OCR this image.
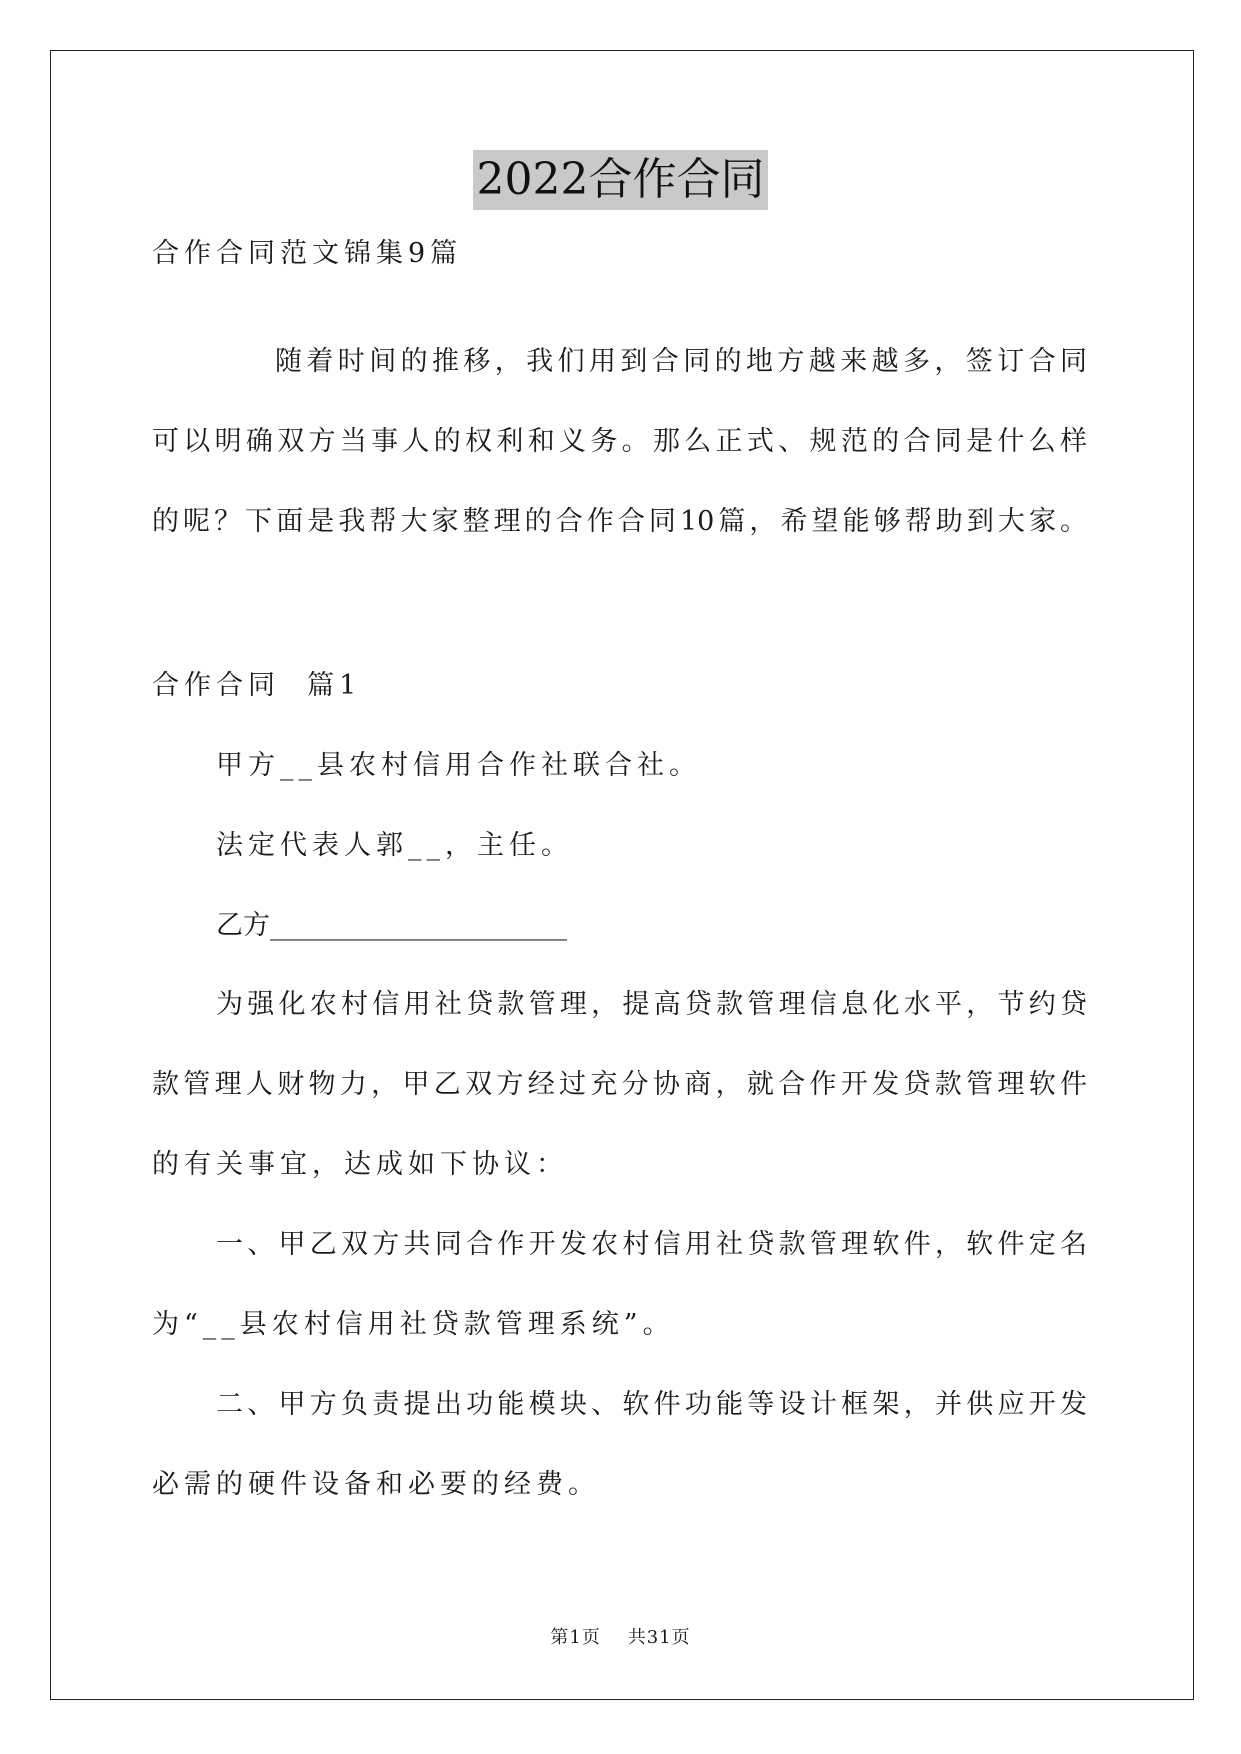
2022合作合同
合作合同范文锦集9篇
随着时间的推移，我们用到合同的地方越来越多，签订合同
可以明确双方当事人的权利和义务。那么正式、规范的合同是什么样
的呢？下面是我帮大家整理的合作合同10篇，希望能够帮助到大家。
合作合同  篇1
甲方__县农村信用合作社联合社。
法定代表人郭__，主任。
乙方______________________
为强化农村信用社贷款管理，提高贷款管理信息化水平，节约贷
款管理人财物力，甲乙双方经过充分协商，就合作开发贷款管理软件
的有关事宜，达成如下协议：
一、甲乙双方共同合作开发农村信用社贷款管理软件，软件定名
为“__县农村信用社贷款管理系统”。
二、甲方负责提出功能模块、软件功能等设计框架，并供应开发
必需的硬件设备和必要的经费。
第1页    共31页
